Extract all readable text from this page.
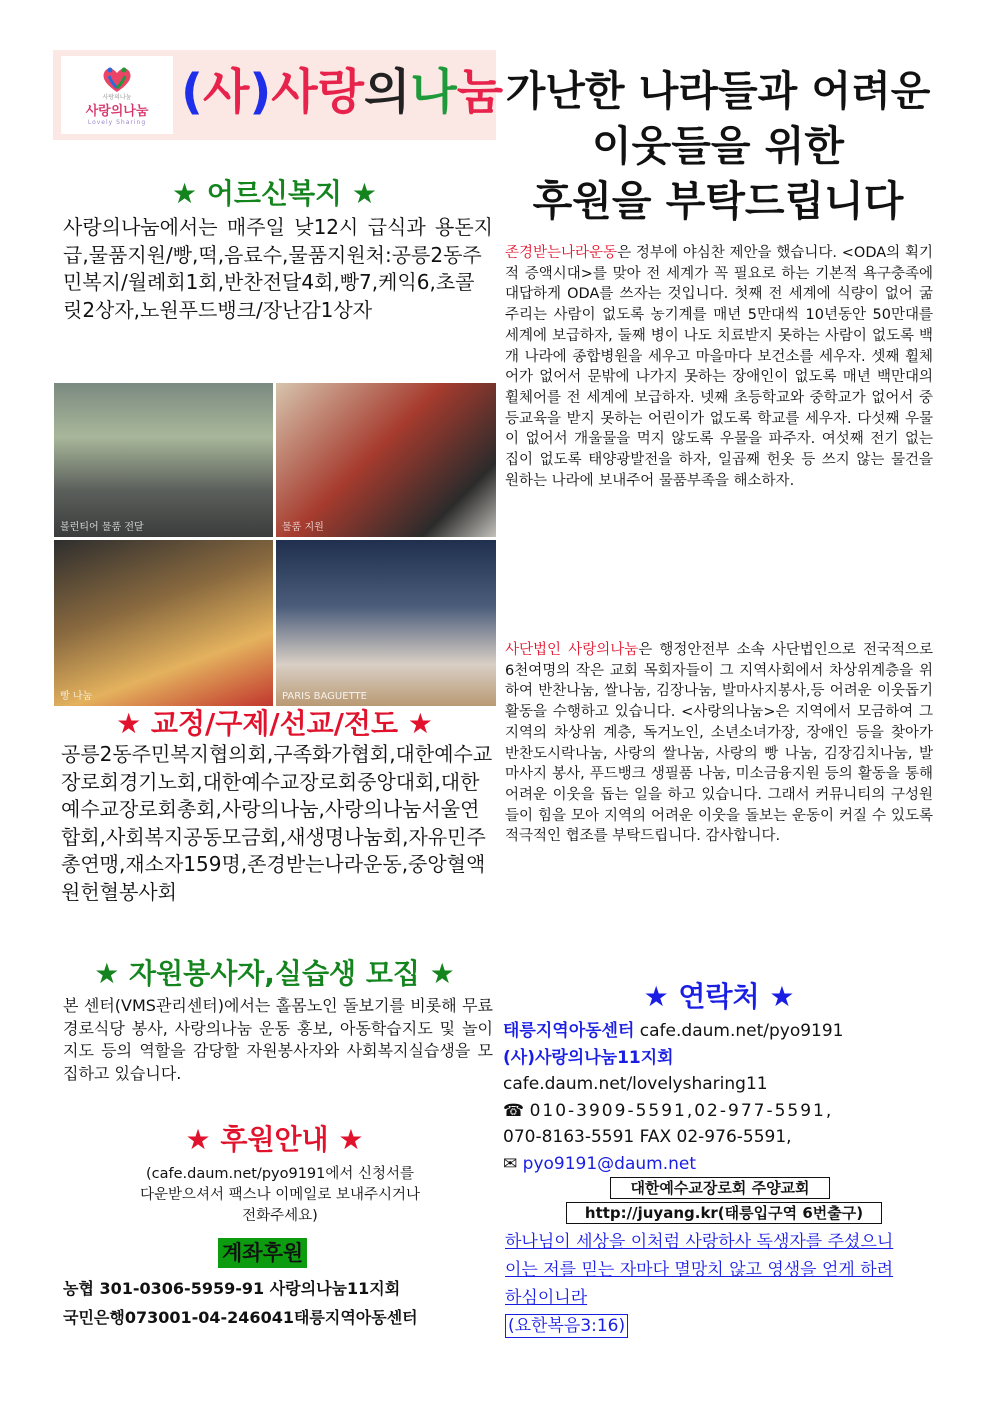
사랑의나눔
사랑의나눔
Lovely Sharing
(사)사랑의나눔 가난한 나라들과 어려운
이웃들을 위한
후원을 부탁드립니다
★ 어르신복지 ★
사랑의나눔에서는 매주일 낮12시 급식과 용돈지급,물품지원/빵,떡,음료수,물품지원처:공릉2동주민복지/월례회1회,반찬전달4회,빵7,케익6,초콜릿2상자,노원푸드뱅크/장난감1상자
볼런티어 물품 전달	물품 지원
빵 나눔	PARIS BAGUETTE
★ 교정/구제/선교/전도 ★
공릉2동주민복지협의회,구족화가협회,대한예수교장로회경기노회,대한예수교장로회중앙대회,대한예수교장로회총회,사랑의나눔,사랑의나눔서울연합회,사회복지공동모금회,새생명나눔회,자유민주총연맹,재소자159명,존경받는나라운동,중앙혈액원헌혈봉사회
★ 자원봉사자,실습생 모집 ★
본 센터(VMS관리센터)에서는 홀몸노인 돌보기를 비롯해 무료경로식당 봉사, 사랑의나눔 운동 홍보, 아동학습지도 및 놀이지도 등의 역할을 감당할 자원봉사자와 사회복지실습생을 모집하고 있습니다.
★ 후원안내 ★
(cafe.daum.net/pyo9191에서 신청서를
다운받으셔서 팩스나 이메일로 보내주시거나
전화주세요)
계좌후원
농협 301-0306-5959-91 사랑의나눔11지회
국민은행073001-04-246041태릉지역아동센터
존경받는나라운동은 정부에 야심찬 제안을 했습니다. <ODA의 획기적 증액시대>를 맞아 전 세계가 꼭 필요로 하는 기본적 욕구충족에 대답하게 ODA를 쓰자는 것입니다. 첫째 전 세계에 식량이 없어 굶주리는 사람이 없도록 농기계를 매년 5만대씩 10년동안 50만대를 세계에 보급하자, 둘째 병이 나도 치료받지 못하는 사람이 없도록 백개 나라에 종합병원을 세우고 마을마다 보건소를 세우자. 셋째 휠체어가 없어서 문밖에 나가지 못하는 장애인이 없도록 매년 백만대의 휠체어를 전 세계에 보급하자. 넷째 초등학교와 중학교가 없어서 중등교육을 받지 못하는 어린이가 없도록 학교를 세우자. 다섯째 우물이 없어서 개울물을 먹지 않도록 우물을 파주자. 여섯째 전기 없는 집이 없도록 태양광발전을 하자, 일곱째 헌옷 등 쓰지 않는 물건을 원하는 나라에 보내주어 물품부족을 해소하자.
사단법인 사랑의나눔은 행정안전부 소속 사단법인으로 전국적으로 6천여명의 작은 교회 목회자들이 그 지역사회에서 차상위계층을 위하여 반찬나눔, 쌀나눔, 김장나눔, 발마사지봉사,등 어려운 이웃돕기 활동을 수행하고 있습니다. <사랑의나눔>은 지역에서 모금하여 그 지역의 차상위 계층, 독거노인, 소년소녀가장, 장애인 등을 찾아가 반찬도시락나눔, 사랑의 쌀나눔, 사랑의 빵 나눔, 김장김치나눔, 발마사지 봉사, 푸드뱅크 생필품 나눔, 미소금융지원 등의 활동을 통해 어려운 이웃을 돕는 일을 하고 있습니다. 그래서 커뮤니티의 구성원들이 힘을 모아 지역의 어려운 이웃을 돌보는 운동이 커질 수 있도록 적극적인 협조를 부탁드립니다. 감사합니다.
★ 연락처 ★
태릉지역아동센터 cafe.daum.net/pyo9191
(사)사랑의나눔11지회
cafe.daum.net/lovelysharing11
☎ 010-3909-5591,02-977-5591,
070-8163-5591 FAX 02-976-5591,
✉ pyo9191@daum.net
대한예수교장로회 주양교회
http://juyang.kr(태릉입구역 6번출구)
하나님이 세상을 이처럼 사랑하사 독생자를 주셨으니
이는 저를 믿는 자마다 멸망치 않고 영생을 얻게 하려
하심이니라
(요한복음3:16)
